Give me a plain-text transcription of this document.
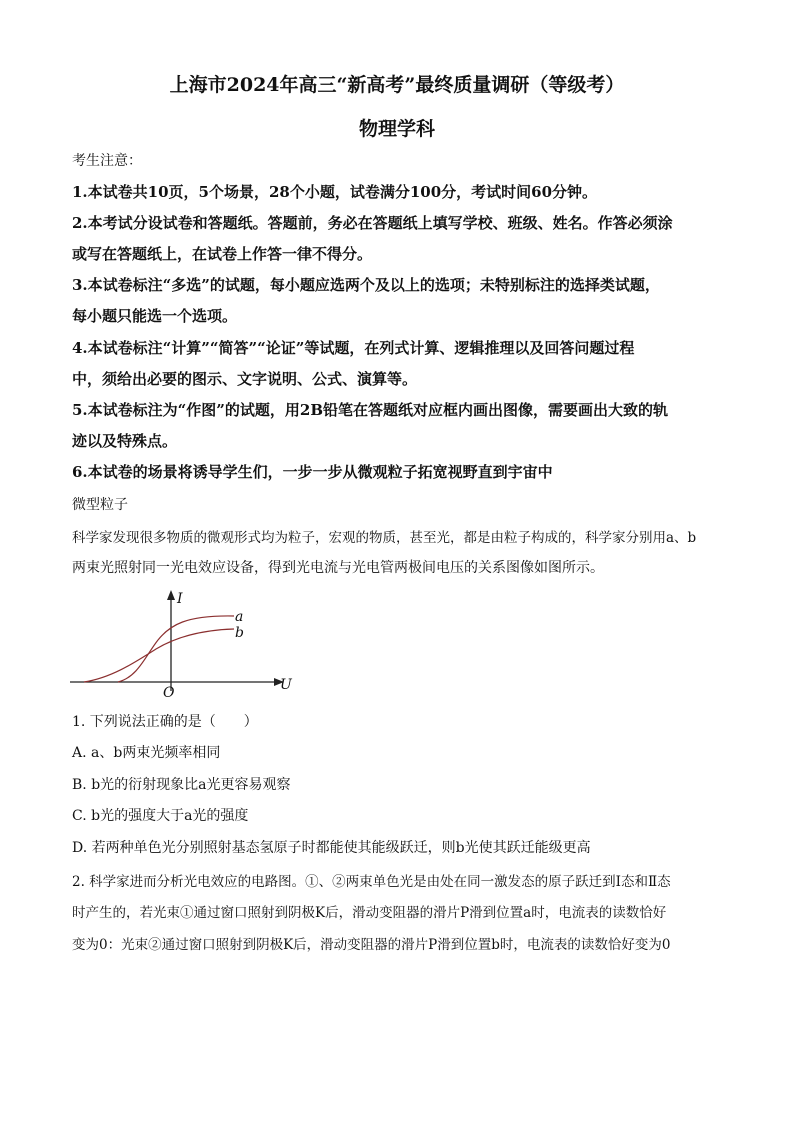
上海市2024年高三“新高考”最终质量调研（等级考）
物理学科
考生注意：
1.本试卷共10页，5个场景，28个小题，试卷满分100分，考试时间60分钟。
2.本考试分设试卷和答题纸。答题前，务必在答题纸上填写学校、班级、姓名。作答必须涂
或写在答题纸上，在试卷上作答一律不得分。
3.本试卷标注“多选”的试题，每小题应选两个及以上的选项；未特别标注的选择类试题，
每小题只能选一个选项。
4.本试卷标注“计算”“简答”“论证”等试题，在列式计算、逻辑推理以及回答问题过程
中，须给出必要的图示、文字说明、公式、演算等。
5.本试卷标注为“作图”的试题，用2B铅笔在答题纸对应框内画出图像，需要画出大致的轨
迹以及特殊点。
6.本试卷的场景将诱导学生们，一步一步从微观粒子拓宽视野直到宇宙中
微型粒子
科学家发现很多物质的微观形式均为粒子，宏观的物质，甚至光，都是由粒子构成的，科学家分别用a、b
两束光照射同一光电效应设备，得到光电流与光电管两极间电压的关系图像如图所示。
I
U
O
a
b
1. 下列说法正确的是（　　）
A. a、b两束光频率相同
B. b光的衍射现象比a光更容易观察
C. b光的强度大于a光的强度
D. 若两种单色光分别照射基态氢原子时都能使其能级跃迁，则b光使其跃迁能级更高
2. 科学家进而分析光电效应的电路图。①、②两束单色光是由处在同一激发态的原子跃迁到Ⅰ态和Ⅱ态
时产生的，若光束①通过窗口照射到阴极K后，滑动变阻器的滑片P滑到位置a时，电流表的读数恰好
变为0：光束②通过窗口照射到阴极K后，滑动变阻器的滑片P滑到位置b时，电流表的读数恰好变为0
